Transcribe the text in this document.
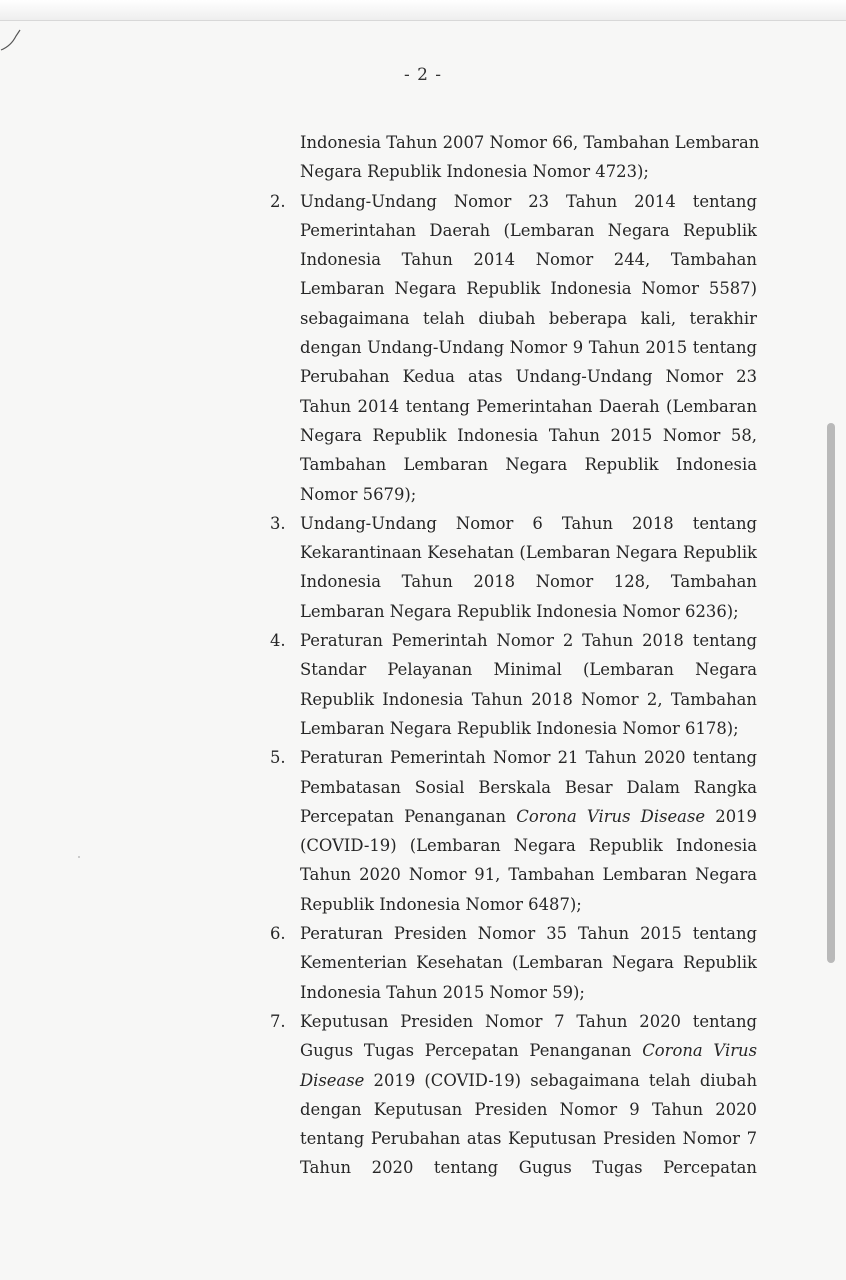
- 2 -
Indonesia Tahun 2007 Nomor 66, Tambahan Lembaran
Negara Republik Indonesia Nomor 4723);
2. Undang-Undang Nomor 23 Tahun 2014 tentang
Pemerintahan Daerah (Lembaran Negara Republik
Indonesia Tahun 2014 Nomor 244, Tambahan
Lembaran Negara Republik Indonesia Nomor 5587)
sebagaimana telah diubah beberapa kali, terakhir
dengan Undang-Undang Nomor 9 Tahun 2015 tentang
Perubahan Kedua atas Undang-Undang Nomor 23
Tahun 2014 tentang Pemerintahan Daerah (Lembaran
Negara Republik Indonesia Tahun 2015 Nomor 58,
Tambahan Lembaran Negara Republik Indonesia
Nomor 5679);
3. Undang-Undang Nomor 6 Tahun 2018 tentang
Kekarantinaan Kesehatan (Lembaran Negara Republik
Indonesia Tahun 2018 Nomor 128, Tambahan
Lembaran Negara Republik Indonesia Nomor 6236);
4. Peraturan Pemerintah Nomor 2 Tahun 2018 tentang
Standar Pelayanan Minimal (Lembaran Negara
Republik Indonesia Tahun 2018 Nomor 2, Tambahan
Lembaran Negara Republik Indonesia Nomor 6178);
5. Peraturan Pemerintah Nomor 21 Tahun 2020 tentang
Pembatasan Sosial Berskala Besar Dalam Rangka
Percepatan Penanganan Corona Virus Disease 2019
(COVID-19) (Lembaran Negara Republik Indonesia
Tahun 2020 Nomor 91, Tambahan Lembaran Negara
Republik Indonesia Nomor 6487);
6. Peraturan Presiden Nomor 35 Tahun 2015 tentang
Kementerian Kesehatan (Lembaran Negara Republik
Indonesia Tahun 2015 Nomor 59);
7. Keputusan Presiden Nomor 7 Tahun 2020 tentang
Gugus Tugas Percepatan Penanganan Corona Virus
Disease 2019 (COVID-19) sebagaimana telah diubah
dengan Keputusan Presiden Nomor 9 Tahun 2020
tentang Perubahan atas Keputusan Presiden Nomor 7
Tahun 2020 tentang Gugus Tugas Percepatan
